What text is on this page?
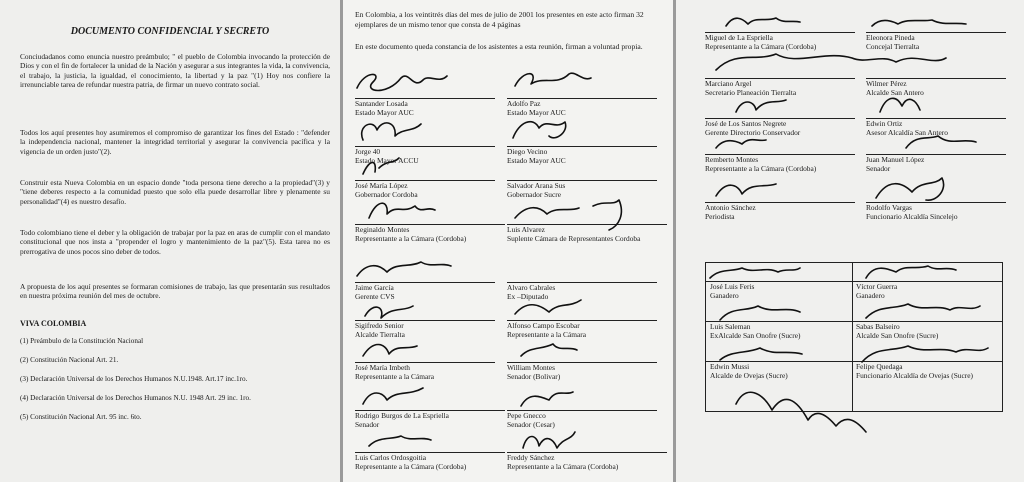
DOCUMENTO CONFIDENCIAL Y SECRETO

Conciudadanos como enuncia nuestro preámbulo; " el pueblo de Colombia invocando la protección de Dios y con el fin de fortalecer la unidad de la Nación y asegurar a sus integrantes la vida, la convivencia, el trabajo, la justicia, la igualdad, el conocimiento, la libertad y la paz "(1) Hoy nos confiere la irrenunciable tarea de refundar nuestra patria, de firmar un nuevo contrato social.

Todos los aquí presentes hoy asumiremos el compromiso de garantizar los fines del Estado : "defender la independencia nacional, mantener la integridad territorial y asegurar la convivencia pacífica y la vigencia de un orden justo"(2).

Construir esta Nueva Colombia en un espacio donde "toda persona tiene derecho a la propiedad"(3) y "tiene deberes respecto a la comunidad puesto que solo ella puede desarrollar libre y plenamente su personalidad"(4) es nuestro desafío.

Todo colombiano tiene el deber y la obligación de trabajar por la paz en aras de cumplir con el mandato constitucional que nos insta a "propender el logro y mantenimiento de la paz"(5). Esta tarea no es prerrogativa de unos pocos sino deber de todos.

A propuesta de los aquí presentes se formaran comisiones de trabajo, las que presentarán sus resultados en nuestra próxima reunión del mes de octubre.

VIVA COLOMBIA
(1) Preámbulo de la Constitución Nacional
(2) Constitución Nacional Art. 21.
(3) Declaración Universal de los Derechos Humanos N.U.1948. Art.17 inc.1ro.
(4) Declaración Universal de los Derechos Humanos N.U. 1948 Art. 29 inc. 1ro.
(5) Constitución Nacional Art. 95 inc. 6to.

En Colombia, a los veintitrés días del mes de julio de 2001 los presentes en este acto firman 32 ejemplares de un mismo tenor que consta de 4 páginas

En este documento queda constancia de los asistentes a esta reunión, firman a voluntad propia.

Santander Losada
Estado Mayor AUC
Adolfo Paz
Estado Mayor AUC
Jorge 40
Estado Mayor ACCU
Diego Vecino
Estado Mayor AUC
José María López
Gobernador Cordoba
Salvador Arana Sus
Gobernador Sucre
Reginaldo Montes
Representante a la Cámara (Cordoba)
Luis Alvarez
Suplente Cámara de Representantes Cordoba
Jaime García
Gerente CVS
Alvaro Cabrales
Ex –Diputado
Sigifredo Senior
Alcalde Tierralta
Alfonso Campo Escobar
Representante a la Cámara
José María Imbeth
Representante a la Cámara
William Montes
Senador (Bolivar)
Rodrigo Burgos de La Espriella
Senador
Pepe Gnecco
Senador (Cesar)
Luis Carlos Ordosgoitia
Representante a la Cámara (Cordoba)
Freddy Sánchez
Representante a la Cámara (Cordoba)
Miguel de La Espriella
Representante a la Cámara (Cordoba)
Eleonora Pineda
Concejal Tierralta
Marciano Argel
Secretario Planeación Tierralta
Wilmer Pérez
Alcalde San Antero
José de Los Santos Negrete
Gerente Directorio Conservador
Edwin Ortiz
Asesor Alcaldía San Antero
Remberto Montes
Representante a la Cámara (Cordoba)
Juan Manuel López
Senador
Antonio Sánchez
Periodista
Rodolfo Vargas
Funcionario Alcaldía Sincelejo
José Luis Feris
Ganadero
Víctor Guerra
Ganadero
Luis Saleman
ExAlcalde San Onofre (Sucre)
Sabas Balseiro
Alcalde San Onofre (Sucre)
Edwin Mussi
Alcalde de Ovejas (Sucre)
Felipe Quedaga
Funcionario Alcaldía de Ovejas (Sucre)
